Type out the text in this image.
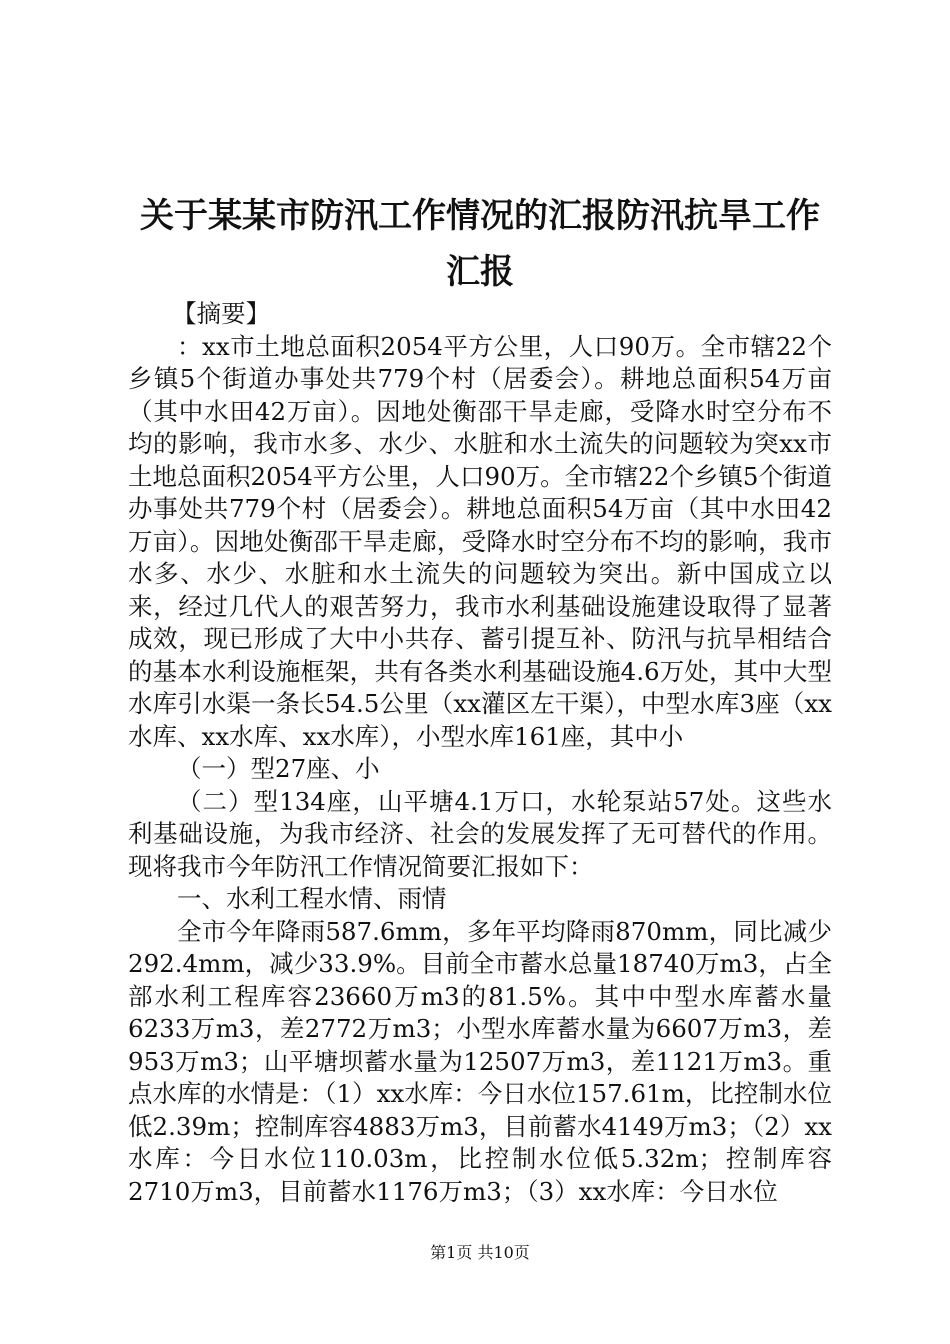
关于某某市防汛工作情况的汇报防汛抗旱工作汇报

【摘要】

：xx市土地总面积2054平方公里，人口90万。全市辖22个乡镇5个街道办事处共779个村（居委会）。耕地总面积54万亩（其中水田42万亩）。因地处衡邵干旱走廊，受降水时空分布不均的影响，我市水多、水少、水脏和水土流失的问题较为突xx市土地总面积2054平方公里，人口90万。全市辖22个乡镇5个街道办事处共779个村（居委会）。耕地总面积54万亩（其中水田42万亩）。因地处衡邵干旱走廊，受降水时空分布不均的影响，我市水多、水少、水脏和水土流失的问题较为突出。新中国成立以来，经过几代人的艰苦努力，我市水利基础设施建设取得了显著成效，现已形成了大中小共存、蓄引提互补、防汛与抗旱相结合的基本水利设施框架，共有各类水利基础设施4.6万处，其中大型水库引水渠一条长54.5公里（xx灌区左干渠），中型水库3座（xx水库、xx水库、xx水库），小型水库161座，其中小

（一）型27座、小

（二）型134座，山平塘4.1万口，水轮泵站57处。这些水利基础设施，为我市经济、社会的发展发挥了无可替代的作用。现将我市今年防汛工作情况简要汇报如下：

一、水利工程水情、雨情

全市今年降雨587.6mm，多年平均降雨870mm，同比减少292.4mm，减少33.9%。目前全市蓄水总量18740万m3，占全部水利工程库容23660万m3的81.5%。其中中型水库蓄水量6233万m3，差2772万m3；小型水库蓄水量为6607万m3，差953万m3；山平塘坝蓄水量为12507万m3，差1121万m3。重点水库的水情是：（1）xx水库：今日水位157.61m，比控制水位低2.39m；控制库容4883万m3，目前蓄水4149万m3；（2）xx水库：今日水位110.03m，比控制水位低5.32m；控制库容2710万m3，目前蓄水1176万m3；（3）xx水库：今日水位

第1页 共10页
